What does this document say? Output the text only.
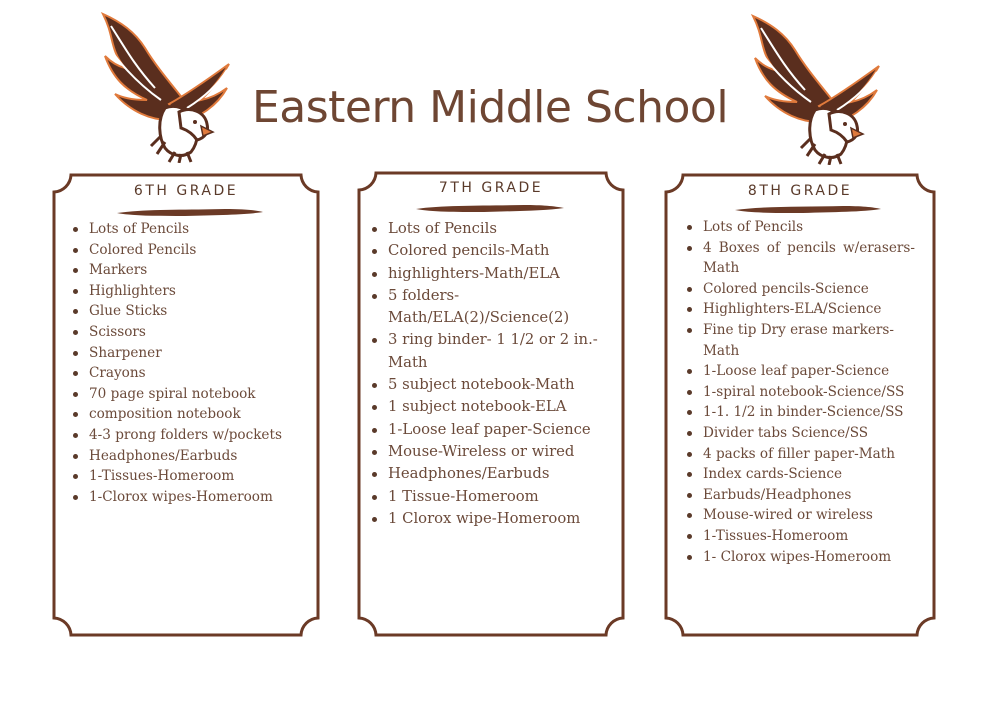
Eastern Middle School
6TH GRADE
Lots of Pencils
Colored Pencils
Markers
Highlighters
Glue Sticks
Scissors
Sharpener
Crayons
70 page spiral notebook
composition notebook
4-3 prong folders w/pockets
Headphones/Earbuds
1-Tissues-Homeroom
1-Clorox wipes-Homeroom
7TH GRADE
Lots of Pencils
Colored pencils-Math
highlighters-Math/ELA
5 folders-Math/ELA(2)/Science(2)
3 ring binder- 1 1/2 or 2 in.-Math
5 subject notebook-Math
1 subject notebook-ELA
1-Loose leaf paper-Science
Mouse-Wireless or wired
Headphones/Earbuds
1 Tissue-Homeroom
1 Clorox wipe-Homeroom
8TH GRADE
Lots of Pencils
4 Boxes of pencils w/erasers-Math
Colored pencils-Science
Highlighters-ELA/Science
Fine tip Dry erase markers-Math
1-Loose leaf paper-Science
1-spiral notebook-Science/SS
1-1. 1/2 in binder-Science/SS
Divider tabs Science/SS
4 packs of filler paper-Math
Index cards-Science
Earbuds/Headphones
Mouse-wired or wireless
1-Tissues-Homeroom
1- Clorox wipes-Homeroom
